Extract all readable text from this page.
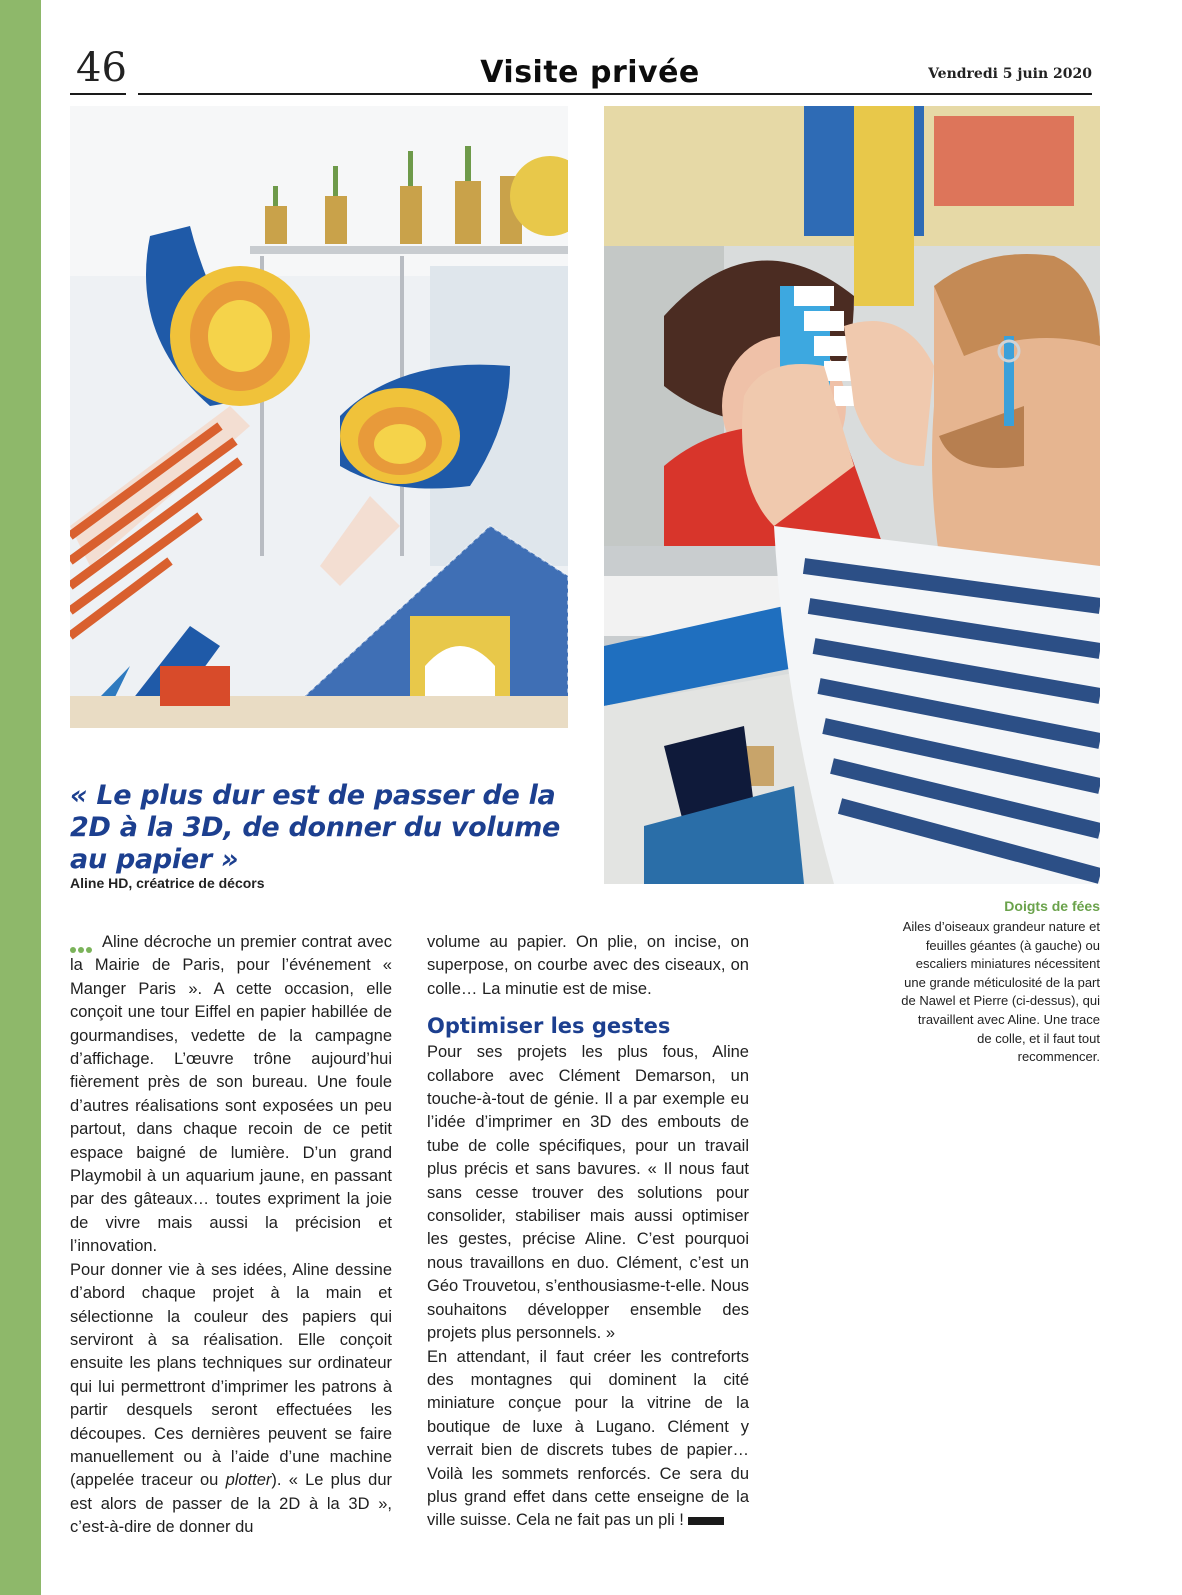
46	Visite privée	Vendredi 5 juin 2020
« Le plus dur est de passer de la 2D à la 3D, de donner du volume au papier »
Aline HD, créatrice de décors

Aline décroche un premier contrat avec la Mairie de Paris, pour l’événement « Manger Paris ». A cette occasion, elle conçoit une tour Eiffel en papier habillée de gourmandises, vedette de la campagne d’affichage. L’œuvre trône aujourd’hui fièrement près de son bureau. Une foule d’autres réalisations sont exposées un peu partout, dans chaque recoin de ce petit espace baigné de lumière. D’un grand Playmobil à un aquarium jaune, en passant par des gâteaux… toutes expriment la joie de vivre mais aussi la précision et l’innovation.

Pour donner vie à ses idées, Aline dessine d’abord chaque projet à la main et sélectionne la couleur des papiers qui serviront à sa réalisation. Elle conçoit ensuite les plans techniques sur ordinateur qui lui permettront d’imprimer les patrons à partir desquels seront effectuées les découpes. Ces dernières peuvent se faire manuellement ou à l’aide d’une machine (appelée traceur ou plotter). « Le plus dur est alors de passer de la 2D à la 3D », c’est-à-dire de donner du

volume au papier. On plie, on incise, on superpose, on courbe avec des ciseaux, on colle… La minutie est de mise.

Optimiser les gestes

Pour ses projets les plus fous, Aline collabore avec Clément Demarson, un touche-à-tout de génie. Il a par exemple eu l’idée d’imprimer en 3D des embouts de tube de colle spécifiques, pour un travail plus précis et sans bavures. « Il nous faut sans cesse trouver des solutions pour consolider, stabiliser mais aussi optimiser les gestes, précise Aline. C’est pourquoi nous travaillons en duo. Clément, c’est un Géo Trouvetou, s’enthousiasme-t-elle. Nous souhaitons développer ensemble des projets plus personnels. »

En attendant, il faut créer les contreforts des montagnes qui dominent la cité miniature conçue pour la vitrine de la boutique de luxe à Lugano. Clément y verrait bien de discrets tubes de papier… Voilà les sommets renforcés. Ce sera du plus grand effet dans cette enseigne de la ville suisse. Cela ne fait pas un pli !

Doigts de fées
Ailes d’oiseaux grandeur nature et feuilles géantes (à gauche) ou escaliers miniatures nécessitent une grande méticulosité de la part de Nawel et Pierre (ci-dessus), qui travaillent avec Aline. Une trace de colle, et il faut tout recommencer.
